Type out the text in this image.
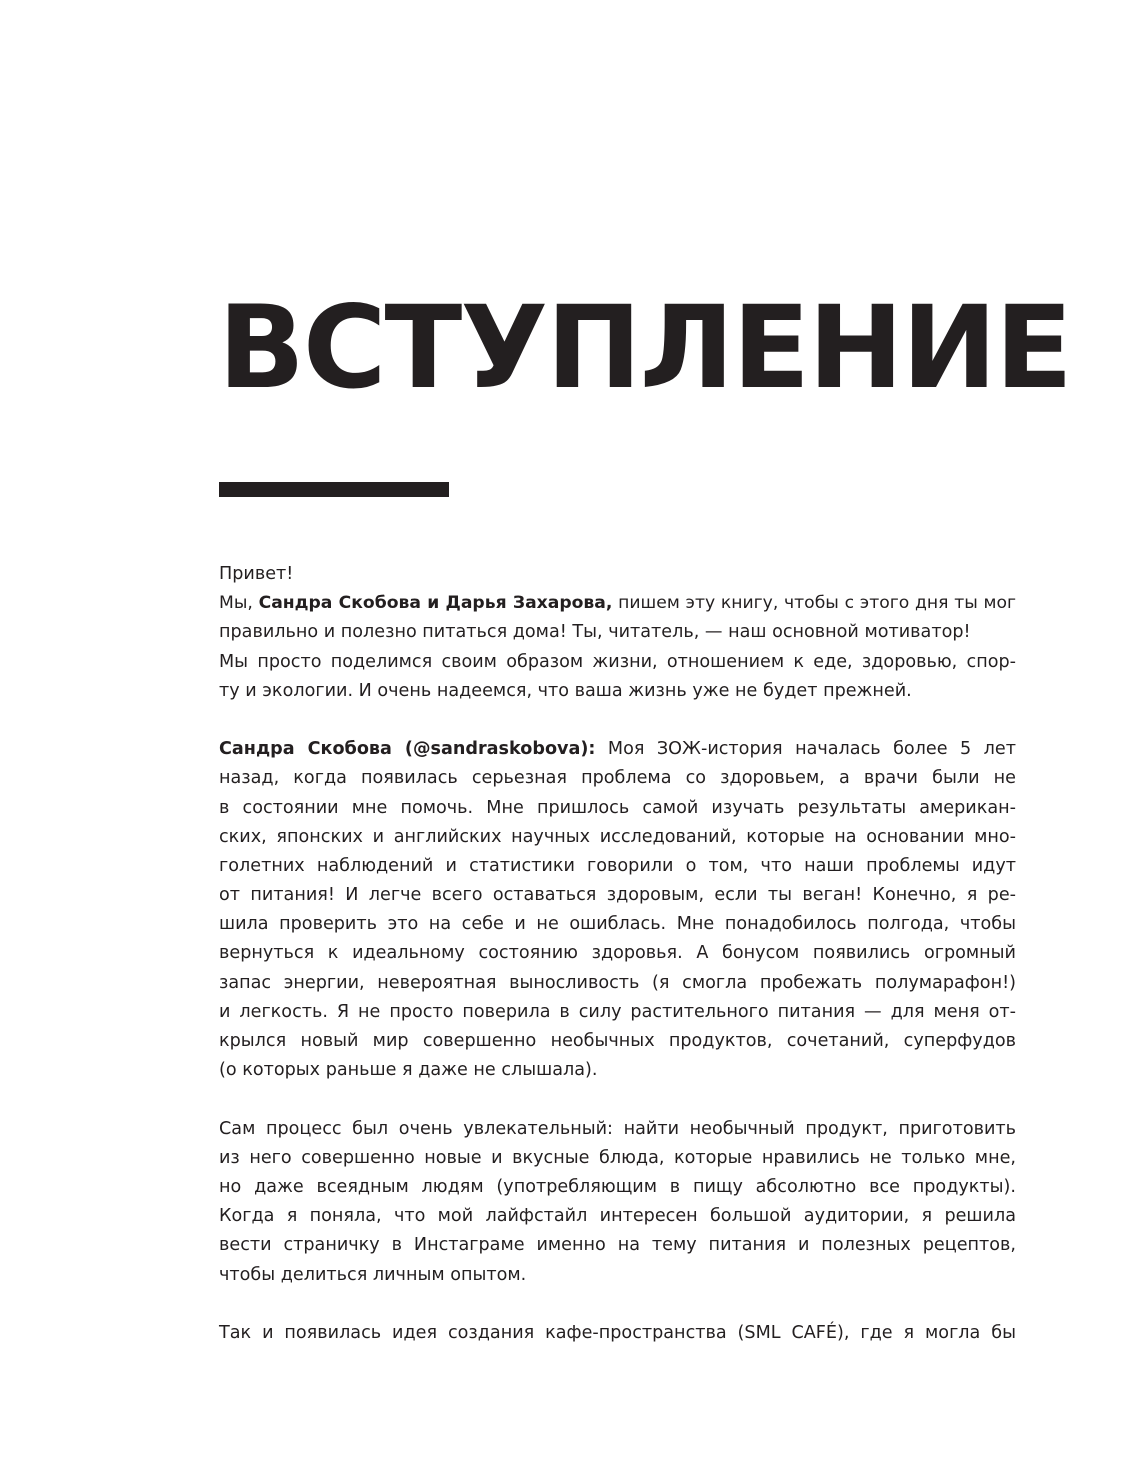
ВСТУПЛЕНИЕ
Привет!
Мы, Сандра Скобова и Дарья Захарова, пишем эту книгу, чтобы с этого дня ты мог
правильно и полезно питаться дома! Ты, читатель, — наш основной мотиватор!
Мы просто поделимся своим образом жизни, отношением к еде, здоровью, спор-
ту и экологии. И очень надеемся, что ваша жизнь уже не будет прежней.
Сандра Скобова (@sandraskobova): Моя ЗОЖ-история началась более 5 лет
назад, когда появилась серьезная проблема со здоровьем, а врачи были не
в состоянии мне помочь. Мне пришлось самой изучать результаты американ-
ских, японских и английских научных исследований, которые на основании мно-
голетних наблюдений и статистики говорили о том, что наши проблемы идут
от питания! И легче всего оставаться здоровым, если ты веган! Конечно, я ре-
шила проверить это на себе и не ошиблась. Мне понадобилось полгода, чтобы
вернуться к идеальному состоянию здоровья. А бонусом появились огромный
запас энергии, невероятная выносливость (я смогла пробежать полумарафон!)
и легкость. Я не просто поверила в силу растительного питания — для меня от-
крылся новый мир совершенно необычных продуктов, сочетаний, суперфудов
(о которых раньше я даже не слышала).
Сам процесс был очень увлекательный: найти необычный продукт, приготовить
из него совершенно новые и вкусные блюда, которые нравились не только мне,
но даже всеядным людям (употребляющим в пищу абсолютно все продукты).
Когда я поняла, что мой лайфстайл интересен большой аудитории, я решила
вести страничку в Инстаграме именно на тему питания и полезных рецептов,
чтобы делиться личным опытом.
Так и появилась идея создания кафе-пространства (SML CAFÉ), где я могла бы
